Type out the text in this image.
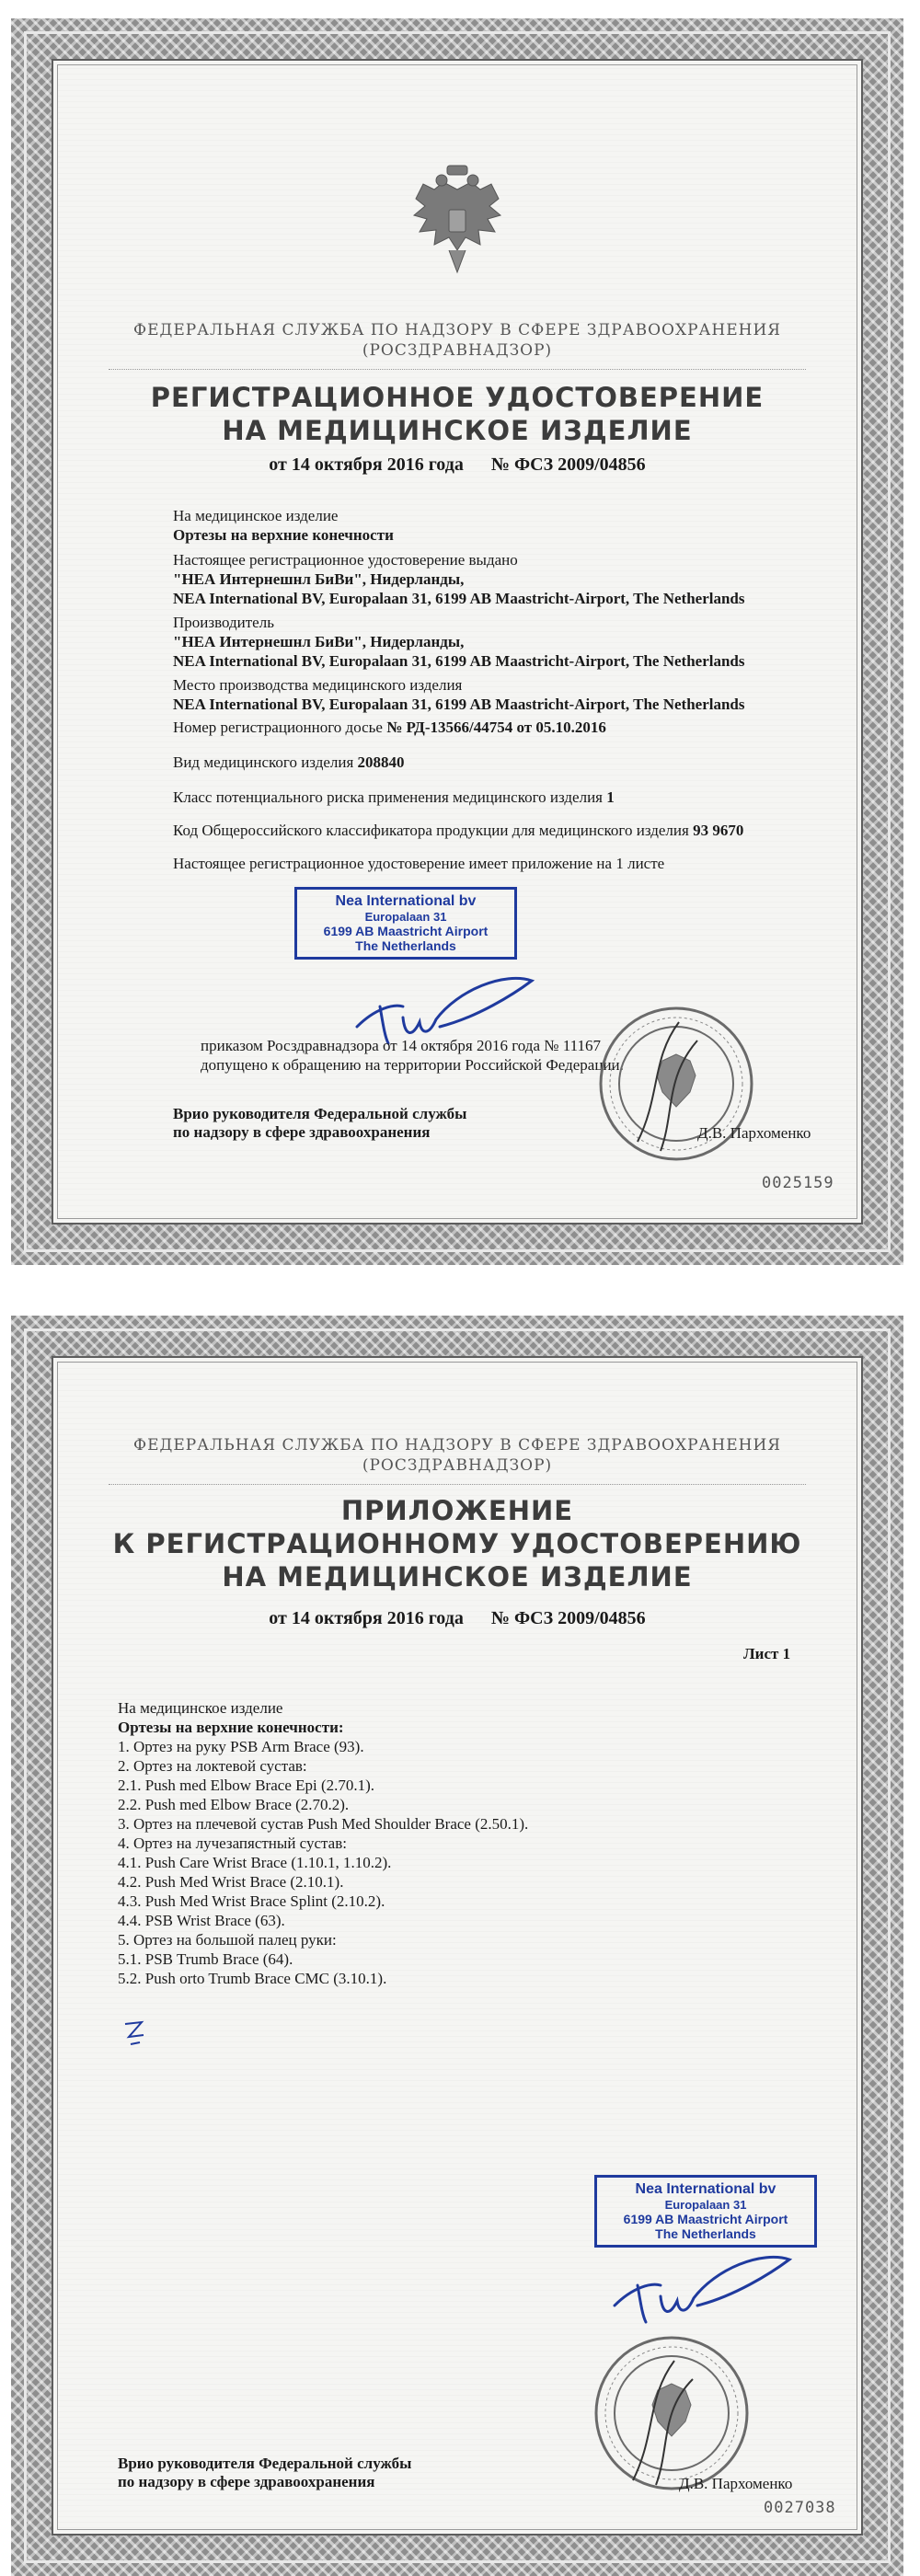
ФЕДЕРАЛЬНАЯ СЛУЖБА ПО НАДЗОРУ В СФЕРЕ ЗДРАВООХРАНЕНИЯ
(РОСЗДРАВНАДЗОР)
РЕГИСТРАЦИОННОЕ УДОСТОВЕРЕНИЕ
НА МЕДИЦИНСКОЕ ИЗДЕЛИЕ
от 14 октября 2016 года № ФСЗ 2009/04856
На медицинское изделие
Ортезы на верхние конечности
Настоящее регистрационное удостоверение выдано
"НЕА Интернешнл БиВи", Нидерланды,
NEA International BV, Europalaan 31, 6199 AB Maastricht-Airport, The Netherlands
Производитель
"НЕА Интернешнл БиВи", Нидерланды,
NEA International BV, Europalaan 31, 6199 AB Maastricht-Airport, The Netherlands
Место производства медицинского изделия
NEA International BV, Europalaan 31, 6199 AB Maastricht-Airport, The Netherlands
Номер регистрационного досье № РД-13566/44754 от 05.10.2016
Вид медицинского изделия 208840
Класс потенциального риска применения медицинского изделия 1
Код Общероссийского классификатора продукции для медицинского изделия 93 9670
Настоящее регистрационное удостоверение имеет приложение на 1 листе
Nea International bv
Europalaan 31
6199 AB Maastricht Airport
The Netherlands
приказом Росздравнадзора от 14 октября 2016 года № 11167
допущено к обращению на территории Российской Федерации.
Врио руководителя Федеральной службы
по надзору в сфере здравоохранения	Д.В. Пархоменко
0025159
ФЕДЕРАЛЬНАЯ СЛУЖБА ПО НАДЗОРУ В СФЕРЕ ЗДРАВООХРАНЕНИЯ
(РОСЗДРАВНАДЗОР)
ПРИЛОЖЕНИЕ
К РЕГИСТРАЦИОННОМУ УДОСТОВЕРЕНИЮ
НА МЕДИЦИНСКОЕ ИЗДЕЛИЕ
от 14 октября 2016 года № ФСЗ 2009/04856
Лист 1
На медицинское изделие
Ортезы на верхние конечности:
1. Ортез на руку PSB Arm Brace (93).
2. Ортез на локтевой сустав:
2.1. Push med Elbow Brace Epi (2.70.1).
2.2. Push med Elbow Brace (2.70.2).
3. Ортез на плечевой сустав Push Med Shoulder Brace (2.50.1).
4. Ортез на лучезапястный сустав:
4.1. Push Care Wrist Brace (1.10.1, 1.10.2).
4.2. Push Med Wrist Brace (2.10.1).
4.3. Push Med Wrist Brace Splint (2.10.2).
4.4. PSB Wrist Brace (63).
5. Ортез на большой палец руки:
5.1. PSB Trumb Brace (64).
5.2. Push orto Trumb Brace CMC (3.10.1).
Nea International bv
Europalaan 31
6199 AB Maastricht Airport
The Netherlands
Врио руководителя Федеральной службы
по надзору в сфере здравоохранения	Д.В. Пархоменко
0027038
